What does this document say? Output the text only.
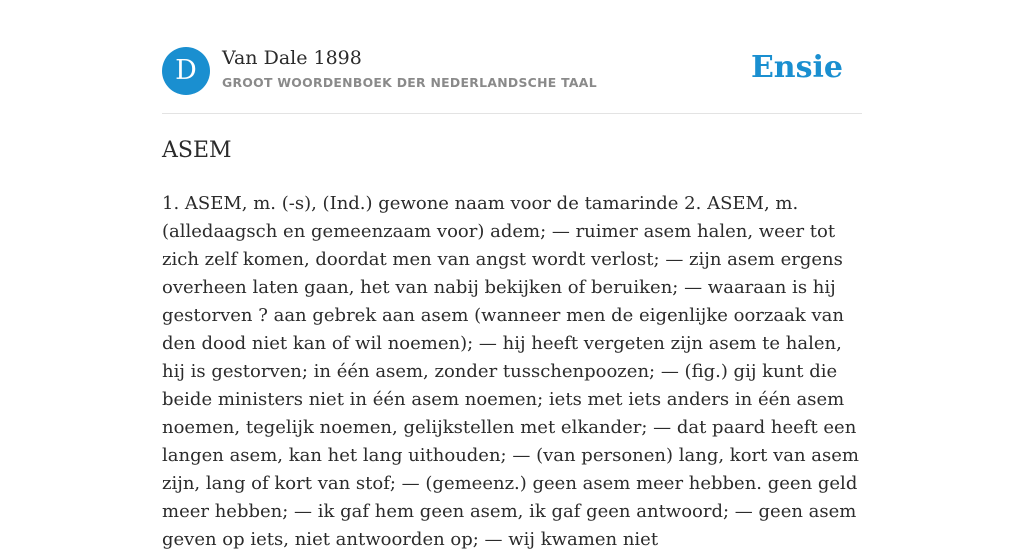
D	Van Dale 1898
GROOT WOORDENBOEK DER NEDERLANDSCHE TAAL	Ensie
ASEM

1. ASEM, m. (-s), (Ind.) gewone naam voor de tamarinde 2. ASEM, m. (alledaagsch en gemeenzaam voor) adem; — ruimer asem halen, weer tot zich zelf komen, doordat men van angst wordt verlost; — zijn asem ergens overheen laten gaan, het van nabij bekijken of beruiken; — waaraan is hij gestorven ? aan gebrek aan asem (wanneer men de eigenlijke oorzaak van den dood niet kan of wil noemen); — hij heeft vergeten zijn asem te halen, hij is gestorven; in één asem, zonder tusschenpoozen; — (fig.) gij kunt die beide ministers niet in één asem noemen; iets met iets anders in één asem noemen, tegelijk noemen, gelijkstellen met elkander; — dat paard heeft een langen asem, kan het lang uithouden; — (van personen) lang, kort van asem zijn, lang of kort van stof; — (gemeenz.) geen asem meer hebben. geen geld meer hebben; — ik gaf hem geen asem, ik gaf geen antwoord; — geen asem geven op iets, niet antwoorden op; — wij kwamen niet
